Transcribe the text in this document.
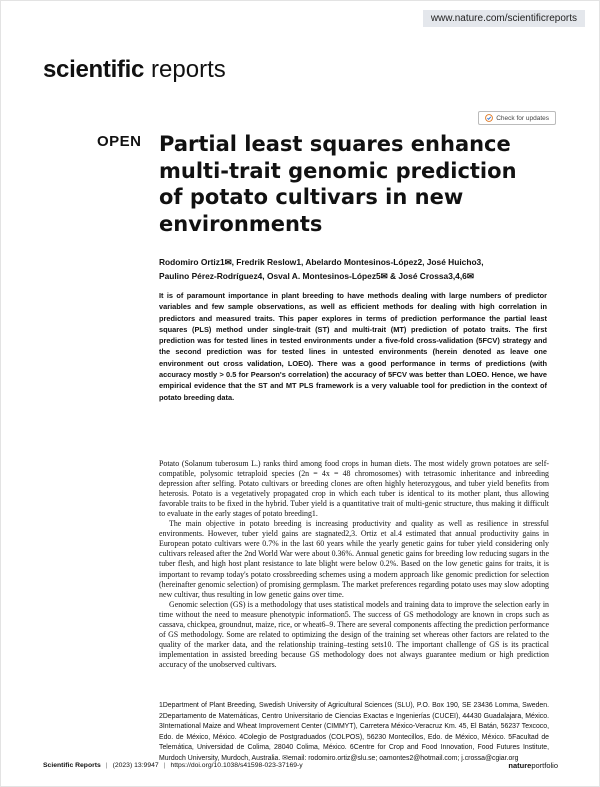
www.nature.com/scientificreports
scientific reports
Check for updates
OPEN Partial least squares enhance multi-trait genomic prediction of potato cultivars in new environments
Rodomiro Ortiz1✉, Fredrik Reslow1, Abelardo Montesinos-López2, José Huicho3,
Paulino Pérez-Rodríguez4, Osval A. Montesinos-López5✉ & José Crossa3,4,6✉

It is of paramount importance in plant breeding to have methods dealing with large numbers of predictor variables and few sample observations, as well as efficient methods for dealing with high correlation in predictors and measured traits. This paper explores in terms of prediction performance the partial least squares (PLS) method under single-trait (ST) and multi-trait (MT) prediction of potato traits. The first prediction was for tested lines in tested environments under a five-fold cross-validation (5FCV) strategy and the second prediction was for tested lines in untested environments (herein denoted as leave one environment out cross validation, LOEO). There was a good performance in terms of predictions (with accuracy mostly > 0.5 for Pearson's correlation) the accuracy of 5FCV was better than LOEO. Hence, we have empirical evidence that the ST and MT PLS framework is a very valuable tool for prediction in the context of potato breeding data.

Potato (Solanum tuberosum L.) ranks third among food crops in human diets. The most widely grown potatoes are self-compatible, polysomic tetraploid species (2n = 4x = 48 chromosomes) with tetrasomic inheritance and inbreeding depression after selfing. Potato cultivars or breeding clones are often highly heterozygous, and tuber yield benefits from heterosis. Potato is a vegetatively propagated crop in which each tuber is identical to its mother plant, thus allowing favorable traits to be fixed in the hybrid. Tuber yield is a quantitative trait of multi-genic structure, thus making it difficult to evaluate in the early stages of potato breeding1.

The main objective in potato breeding is increasing productivity and quality as well as resilience in stressful environments. However, tuber yield gains are stagnated2,3. Ortiz et al.4 estimated that annual productivity gains in European potato cultivars were 0.7% in the last 60 years while the yearly genetic gains for tuber yield considering only cultivars released after the 2nd World War were about 0.36%. Annual genetic gains for breeding low reducing sugars in the tuber flesh, and high host plant resistance to late blight were below 0.2%. Based on the low genetic gains for traits, it is important to revamp today's potato crossbreeding schemes using a modern approach like genomic prediction for selection (hereinafter genomic selection) of promising germplasm. The market preferences regarding potato uses may slow adopting new cultivar, thus resulting in low genetic gains over time.

Genomic selection (GS) is a methodology that uses statistical models and training data to improve the selection early in time without the need to measure phenotypic information5. The success of GS methodology are known in crops such as cassava, chickpea, groundnut, maize, rice, or wheat6–9. There are several components affecting the prediction performance of GS methodology. Some are related to optimizing the design of the training set whereas other factors are related to the quality of the marker data, and the relationship training–testing sets10. The important challenge of GS is its practical implementation in assisted breeding because GS methodology does not always guarantee medium or high prediction accuracy of the unobserved cultivars.

1Department of Plant Breeding, Swedish University of Agricultural Sciences (SLU), P.O. Box 190, SE 23436 Lomma, Sweden. 2Departamento de Matemáticas, Centro Universitario de Ciencias Exactas e Ingenierías (CUCEI), 44430 Guadalajara, México. 3International Maize and Wheat Improvement Center (CIMMYT), Carretera México-Veracruz Km. 45, El Batán, 56237 Texcoco, Edo. de México, México. 4Colegio de Postgraduados (COLPOS), 56230 Montecillos, Edo. de México, México. 5Facultad de Telemática, Universidad de Colima, 28040 Colima, México. 6Centre for Crop and Food Innovation, Food Futures Institute, Murdoch University, Murdoch, Australia. ✉email: rodomiro.ortiz@slu.se; oamontes2@hotmail.com; j.crossa@cgiar.org

Scientific Reports | (2023) 13:9947 | https://doi.org/10.1038/s41598-023-37169-y	natureportfolio
